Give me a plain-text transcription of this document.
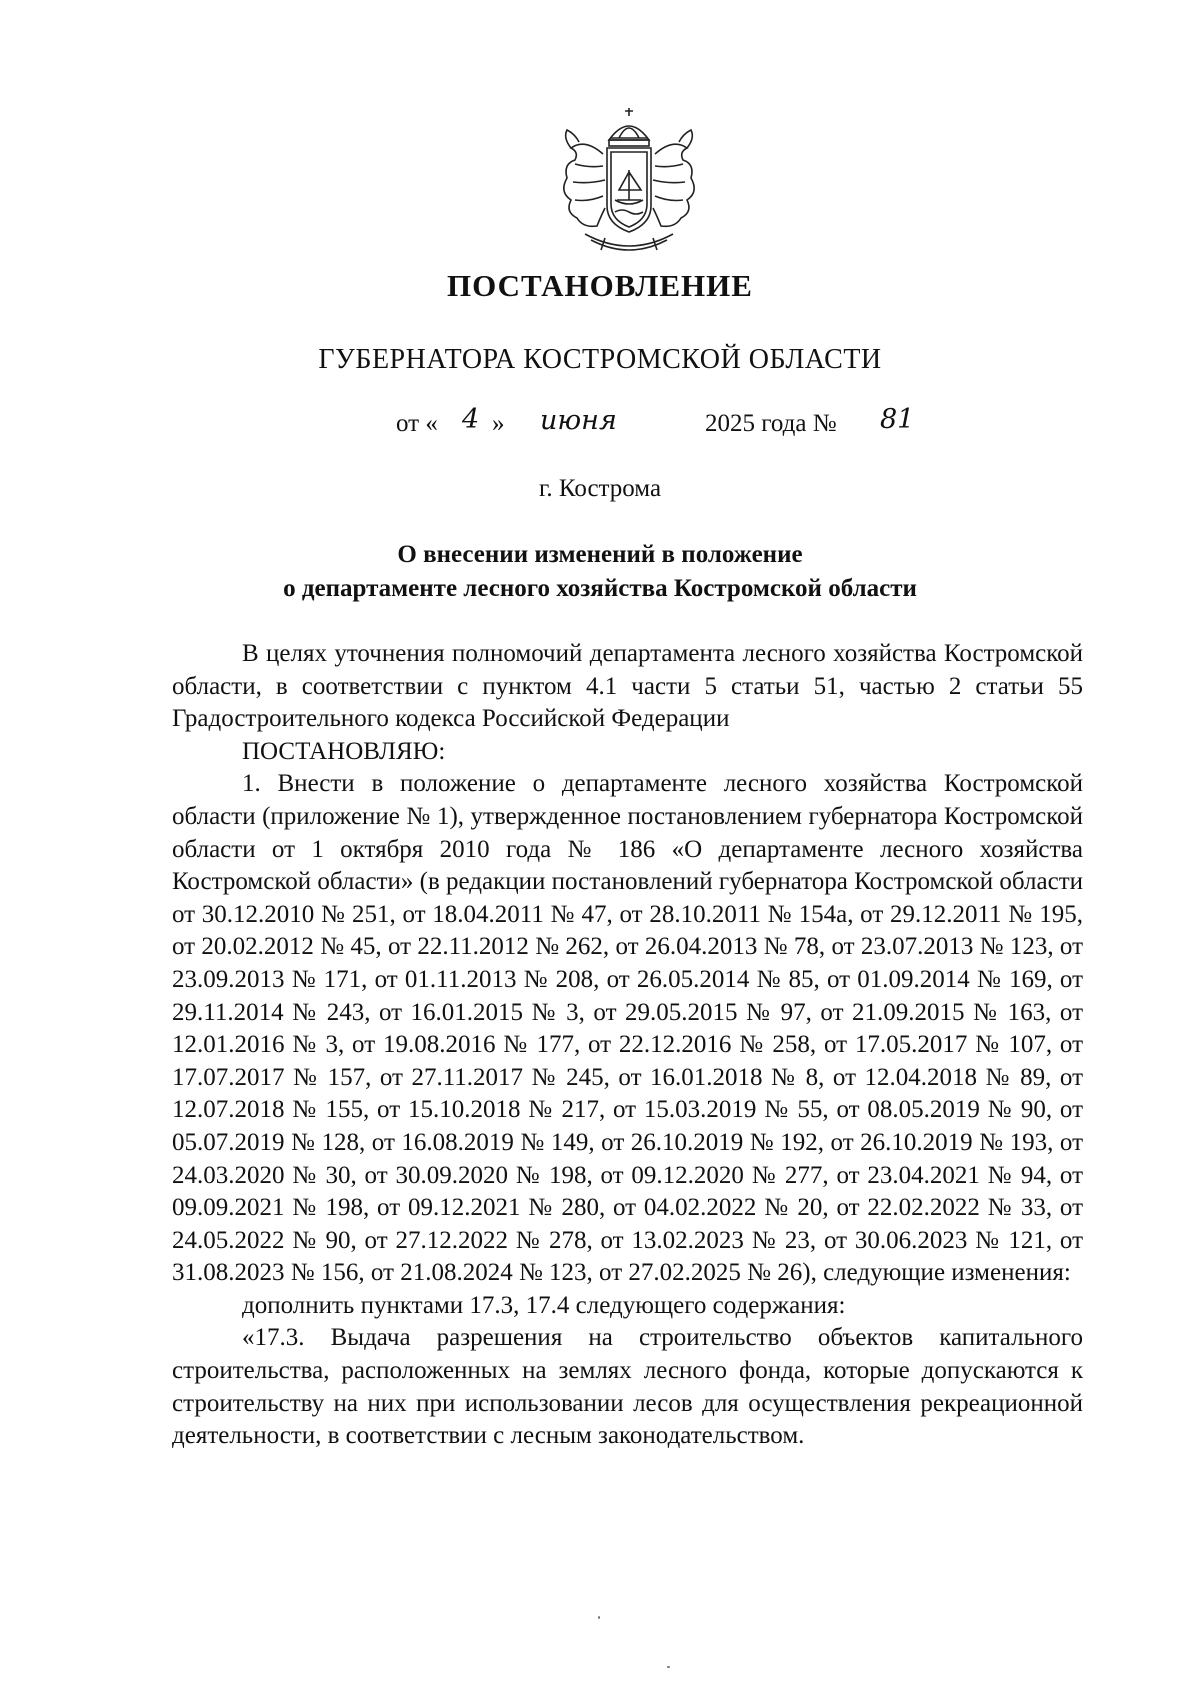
ПОСТАНОВЛЕНИЕ
ГУБЕРНАТОРА КОСТРОМСКОЙ ОБЛАСТИ
от « 4 » июня	2025 года № 81
г. Кострома
О внесении изменений в положение
о департаменте лесного хозяйства Костромской области

В целях уточнения полномочий департамента лесного хозяйства Костромской области, в соответствии с пунктом 4.1 части 5 статьи 51, частью 2 статьи 55 Градостроительного кодекса Российской Федерации

ПОСТАНОВЛЯЮ:

1. Внести в положение о департаменте лесного хозяйства Костромской области (приложение № 1), утвержденное постановлением губернатора Костромской области от 1 октября 2010 года № 186 «О департаменте лесного хозяйства Костромской области» (в редакции постановлений губернатора Костромской области от 30.12.2010 № 251, от 18.04.2011 № 47, от 28.10.2011 № 154а, от 29.12.2011 № 195, от 20.02.2012 № 45, от 22.11.2012 № 262, от 26.04.2013 № 78, от 23.07.2013 № 123, от 23.09.2013 № 171, от 01.11.2013 № 208, от 26.05.2014 № 85, от 01.09.2014 № 169, от 29.11.2014 № 243, от 16.01.2015 № 3, от 29.05.2015 № 97, от 21.09.2015 № 163, от 12.01.2016 № 3, от 19.08.2016 № 177, от 22.12.2016 № 258, от 17.05.2017 № 107, от 17.07.2017 № 157, от 27.11.2017 № 245, от 16.01.2018 № 8, от 12.04.2018 № 89, от 12.07.2018 № 155, от 15.10.2018 № 217, от 15.03.2019 № 55, от 08.05.2019 № 90, от 05.07.2019 № 128, от 16.08.2019 № 149, от 26.10.2019 № 192, от 26.10.2019 № 193, от 24.03.2020 № 30, от 30.09.2020 № 198, от 09.12.2020 № 277, от 23.04.2021 № 94, от 09.09.2021 № 198, от 09.12.2021 № 280, от 04.02.2022 № 20, от 22.02.2022 № 33, от 24.05.2022 № 90, от 27.12.2022 № 278, от 13.02.2023 № 23, от 30.06.2023 № 121, от 31.08.2023 № 156, от 21.08.2024 № 123, от 27.02.2025 № 26), следующие изменения:

дополнить пунктами 17.3, 17.4 следующего содержания:

«17.3. Выдача разрешения на строительство объектов капитального строительства, расположенных на землях лесного фонда, которые допускаются к строительству на них при использовании лесов для осуществления рекреационной деятельности, в соответствии с лесным законодательством.
